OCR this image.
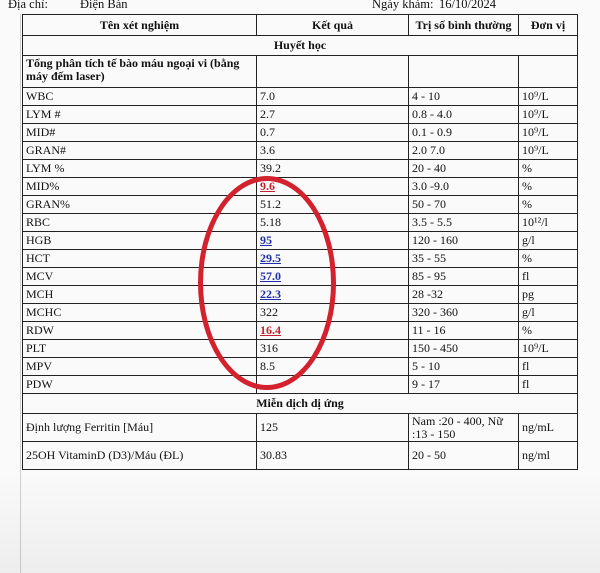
Địa chỉ:	Điện Bàn	Ngày khám: 16/10/2024
Tên xét nghiệm	Kết quả	Trị số bình thường	Đơn vị
Huyết học			
Tổng phân tích tế bào máu ngoại vi (bằng máy đếm laser)			
WBC	7.0	4 - 10	10⁹/L
LYM #	2.7	0.8 - 4.0	10⁹/L
MID#	0.7	0.1 - 0.9	10⁹/L
GRAN#	3.6	2.0 7.0	10⁹/L
LYM %	39.2	20 - 40	%
MID%	9.6	3.0 -9.0	%
GRAN%	51.2	50 - 70	%
RBC	5.18	3.5 - 5.5	10¹²/l
HGB	95	120 - 160	g/l
HCT	29.5	35 - 55	%
MCV	57.0	85 - 95	fl
MCH	22.3	28 -32	pg
MCHC	322	320 - 360	g/l
RDW	16.4	11 - 16	%
PLT	316	150 - 450	10⁹/L
MPV	8.5	5 - 10	fl
PDW		9 - 17	fl
Miễn dịch dị ứng			
Định lượng Ferritin [Máu]	125	Nam :20 - 400, Nữ :13 - 150	ng/mL
25OH VitaminD (D3)/Máu (ĐL)	30.83	20 - 50	ng/ml
